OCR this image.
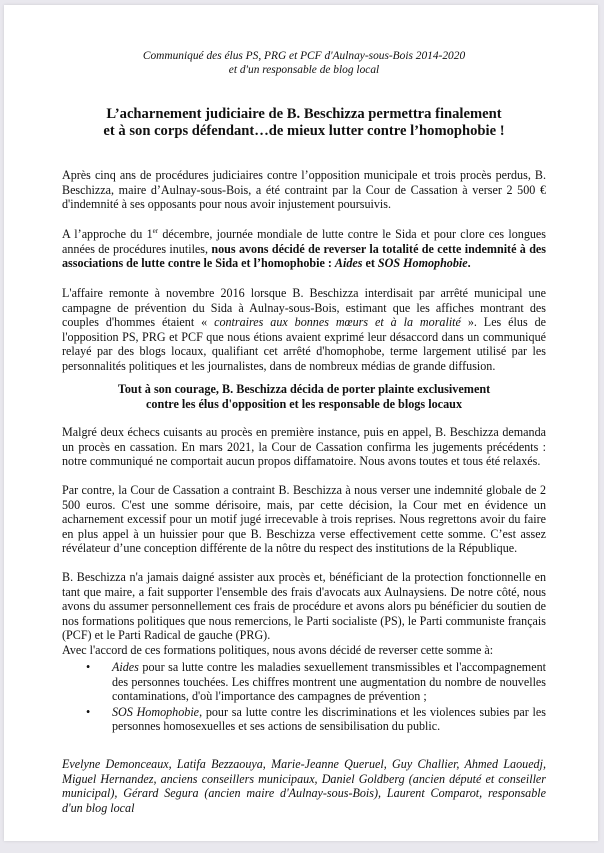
Communiqué des élus PS, PRG et PCF d'Aulnay-sous-Bois 2014-2020
et d'un responsable de blog local
L’acharnement judiciaire de B. Beschizza permettra finalement
et à son corps défendant…de mieux lutter contre l’homophobie !

Après cinq ans de procédures judiciaires contre l’opposition municipale et trois procès perdus, B. Beschizza, maire d’Aulnay-sous-Bois, a été contraint par la Cour de Cassation à verser 2 500 € d'indemnité à ses opposants pour nous avoir injustement poursuivis.

A l’approche du 1er décembre, journée mondiale de lutte contre le Sida et pour clore ces longues années de procédures inutiles, nous avons décidé de reverser la totalité de cette indemnité à des associations de lutte contre le Sida et l’homophobie : Aides et SOS Homophobie.

L'affaire remonte à novembre 2016 lorsque B. Beschizza interdisait par arrêté municipal une campagne de prévention du Sida à Aulnay-sous-Bois, estimant que les affiches montrant des couples d'hommes étaient « contraires aux bonnes mœurs et à la moralité ». Les élus de l'opposition PS, PRG et PCF que nous étions avaient exprimé leur désaccord dans un communiqué relayé par des blogs locaux, qualifiant cet arrêté d'homophobe, terme largement utilisé par les personnalités politiques et les journalistes, dans de nombreux médias de grande diffusion.

Tout à son courage, B. Beschizza décida de porter plainte exclusivement
contre les élus d'opposition et les responsable de blogs locaux

Malgré deux échecs cuisants au procès en première instance, puis en appel, B. Beschizza demanda un procès en cassation. En mars 2021, la Cour de Cassation confirma les jugements précédents : notre communiqué ne comportait aucun propos diffamatoire. Nous avons toutes et tous été relaxés.

Par contre, la Cour de Cassation a contraint B. Beschizza à nous verser une indemnité globale de 2 500 euros. C'est une somme dérisoire, mais, par cette décision, la Cour met en évidence un acharnement excessif pour un motif jugé irrecevable à trois reprises. Nous regrettons avoir du faire en plus appel à un huissier pour que B. Beschizza verse effectivement cette somme. C’est assez révélateur d’une conception différente de la nôtre du respect des institutions de la République.

B. Beschizza n'a jamais daigné assister aux procès et, bénéficiant de la protection fonctionnelle en tant que maire, a fait supporter l'ensemble des frais d'avocats aux Aulnaysiens. De notre côté, nous avons du assumer personnellement ces frais de procédure et avons alors pu bénéficier du soutien de nos formations politiques que nous remercions, le Parti socialiste (PS), le Parti communiste français (PCF) et le Parti Radical de gauche (PRG).

Avec l'accord de ces formations politiques, nous avons décidé de reverser cette somme à:

• Aides pour sa lutte contre les maladies sexuellement transmissibles et l'accompagnement des personnes touchées. Les chiffres montrent une augmentation du nombre de nouvelles contaminations, d'où l'importance des campagnes de prévention ;
• SOS Homophobie, pour sa lutte contre les discriminations et les violences subies par les personnes homosexuelles et ses actions de sensibilisation du public.

Evelyne Demonceaux, Latifa Bezzaouya, Marie-Jeanne Queruel, Guy Challier, Ahmed Laouedj, Miguel Hernandez, anciens conseillers municipaux, Daniel Goldberg (ancien député et conseiller municipal), Gérard Segura (ancien maire d'Aulnay-sous-Bois), Laurent Comparot, responsable d'un blog local
